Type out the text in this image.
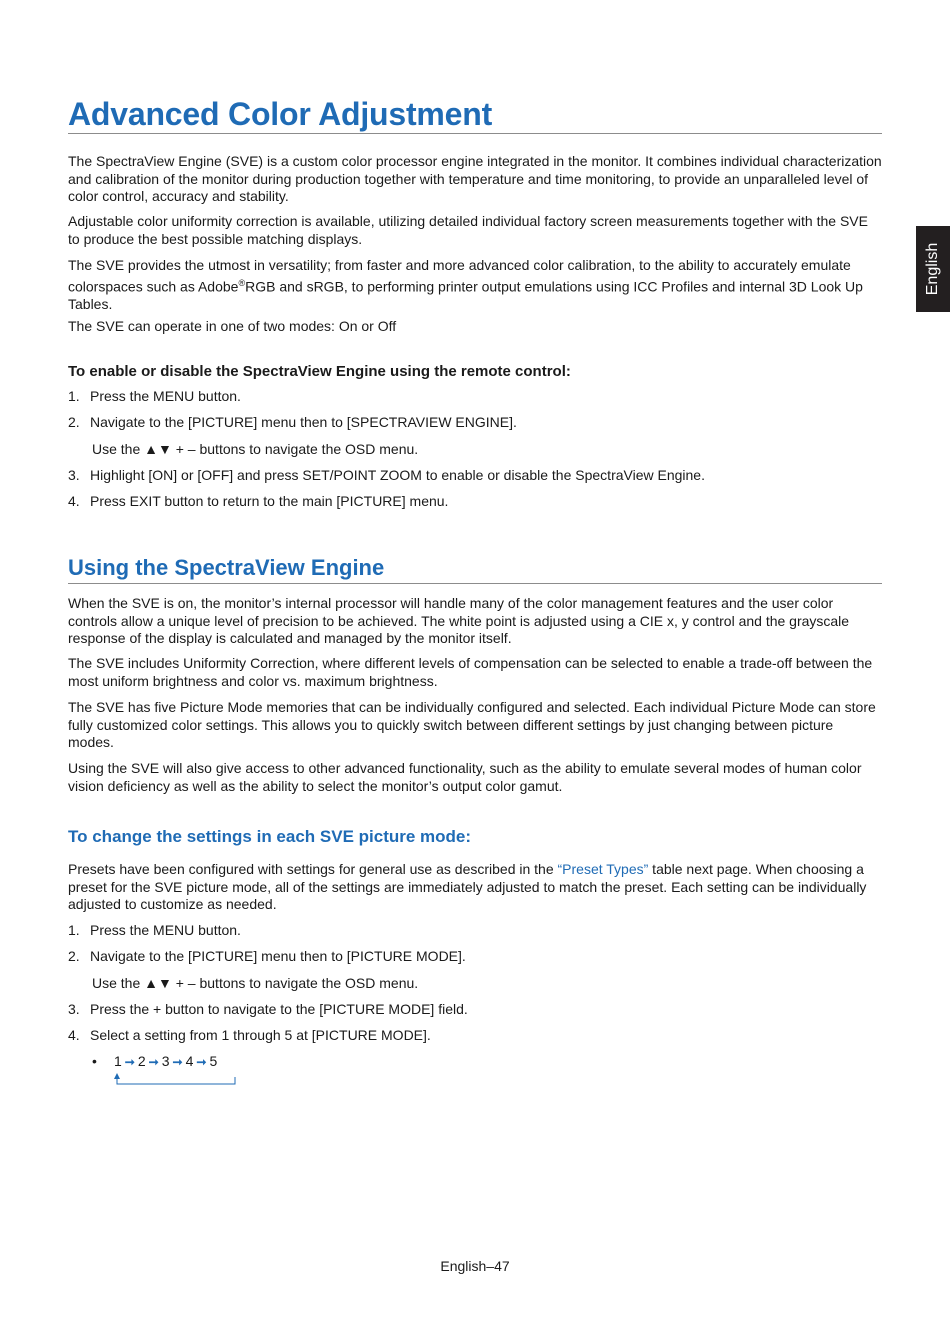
Advanced Color Adjustment

The SpectraView Engine (SVE) is a custom color processor engine integrated in the monitor. It combines individual characterization and calibration of the monitor during production together with temperature and time monitoring, to provide an unparalleled level of color control, accuracy and stability.

Adjustable color uniformity correction is available, utilizing detailed individual factory screen measurements together with the SVE to produce the best possible matching displays.

The SVE provides the utmost in versatility; from faster and more advanced color calibration, to the ability to accurately emulate colorspaces such as Adobe®RGB and sRGB, to performing printer output emulations using ICC Profiles and internal 3D Look Up Tables.

The SVE can operate in one of two modes: On or Off

To enable or disable the SpectraView Engine using the remote control:
1. Press the MENU button.
2. Navigate to the [PICTURE] menu then to [SPECTRAVIEW ENGINE].
Use the ▲▼ + – buttons to navigate the OSD menu.
3. Highlight [ON] or [OFF] and press SET/POINT ZOOM to enable or disable the SpectraView Engine.
4. Press EXIT button to return to the main [PICTURE] menu.
Using the SpectraView Engine

When the SVE is on, the monitor’s internal processor will handle many of the color management features and the user color controls allow a unique level of precision to be achieved. The white point is adjusted using a CIE x, y control and the grayscale response of the display is calculated and managed by the monitor itself.

The SVE includes Uniformity Correction, where different levels of compensation can be selected to enable a trade-off between the most uniform brightness and color vs. maximum brightness.

The SVE has five Picture Mode memories that can be individually configured and selected. Each individual Picture Mode can store fully customized color settings. This allows you to quickly switch between different settings by just changing between picture modes.

Using the SVE will also give access to other advanced functionality, such as the ability to emulate several modes of human color vision deficiency as well as the ability to select the monitor’s output color gamut.

To change the settings in each SVE picture mode:

Presets have been configured with settings for general use as described in the “Preset Types” table next page. When choosing a preset for the SVE picture mode, all of the settings are immediately adjusted to match the preset. Each setting can be individually adjusted to customize as needed.

1. Press the MENU button.
2. Navigate to the [PICTURE] menu then to [PICTURE MODE].
Use the ▲▼ + – buttons to navigate the OSD menu.
3. Press the + button to navigate to the [PICTURE MODE] field.
4. Select a setting from 1 through 5 at [PICTURE MODE].
• 1 ➞ 2 ➞ 3 ➞ 4 ➞ 5
English
English–47
